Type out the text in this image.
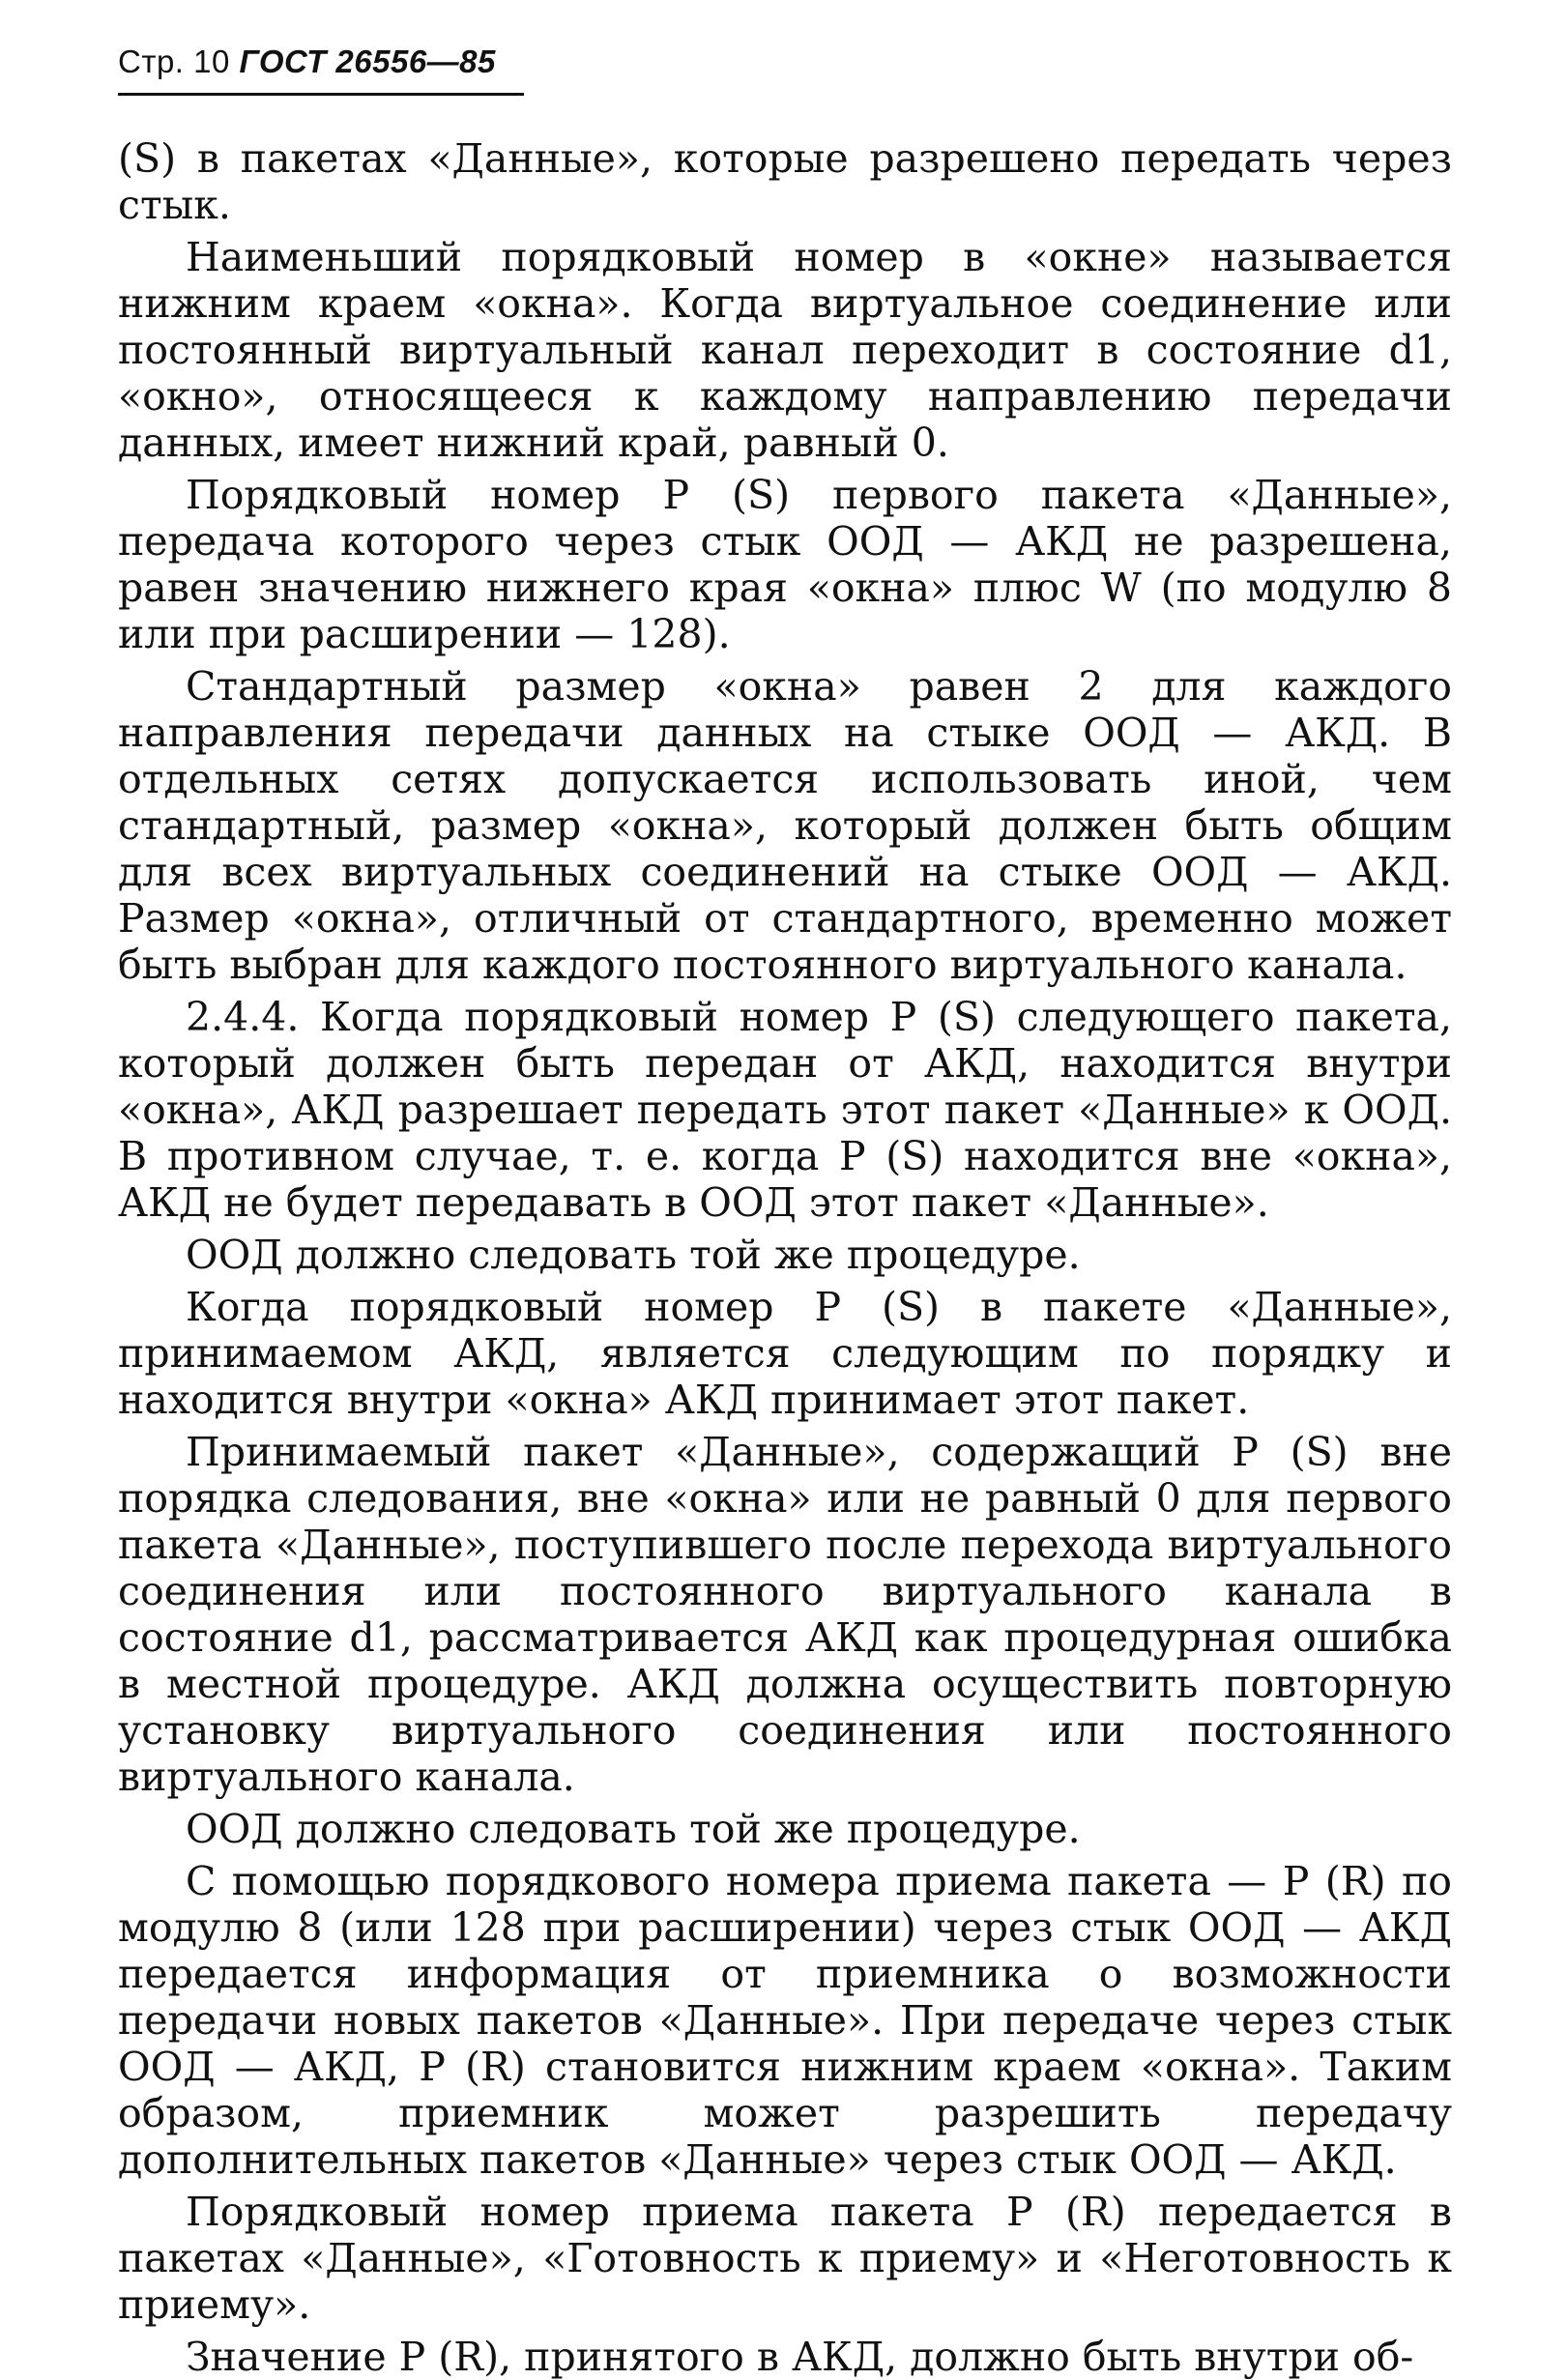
Стр. 10 ГОСТ 26556—85

(S) в пакетах «Данные», которые разрешено передать через стык.

Наименьший порядковый номер в «окне» называется нижним краем «окна». Когда виртуальное соединение или постоянный виртуальный канал переходит в состояние d1, «окно», относящееся к каждому направлению передачи данных, имеет нижний край, равный 0.

Порядковый номер Р (S) первого пакета «Данные», передача которого через стык ООД — АКД не разрешена, равен значению нижнего края «окна» плюс W (по модулю 8 или при расширении — 128).

Стандартный размер «окна» равен 2 для каждого направления передачи данных на стыке ООД — АКД. В отдельных сетях допускается использовать иной, чем стандартный, размер «окна», который должен быть общим для всех виртуальных соединений на стыке ООД — АКД. Размер «окна», отличный от стандартного, временно может быть выбран для каждого постоянного виртуального канала.

2.4.4. Когда порядковый номер Р (S) следующего пакета, который должен быть передан от АКД, находится внутри «окна», АКД разрешает передать этот пакет «Данные» к ООД. В противном случае, т. е. когда Р (S) находится вне «окна», АКД не будет передавать в ООД этот пакет «Данные».

ООД должно следовать той же процедуре.

Когда порядковый номер Р (S) в пакете «Данные», принимаемом АКД, является следующим по порядку и находится внутри «окна» АКД принимает этот пакет.

Принимаемый пакет «Данные», содержащий Р (S) вне порядка следования, вне «окна» или не равный 0 для первого пакета «Данные», поступившего после перехода виртуального соединения или постоянного виртуального канала в состояние d1, рассматривается АКД как процедурная ошибка в местной процедуре. АКД должна осуществить повторную установку виртуального соединения или постоянного виртуального канала.

ООД должно следовать той же процедуре.

С помощью порядкового номера приема пакета — Р (R) по модулю 8 (или 128 при расширении) через стык ООД — АКД передается информация от приемника о возможности передачи новых пакетов «Данные». При передаче через стык ООД — АКД, Р (R) становится нижним краем «окна». Таким образом, приемник может разрешить передачу дополнительных пакетов «Данные» через стык ООД — АКД.

Порядковый номер приема пакета Р (R) передается в пакетах «Данные», «Готовность к приему» и «Неготовность к приему».

Значение Р (R), принятого в АКД, должно быть внутри об-
